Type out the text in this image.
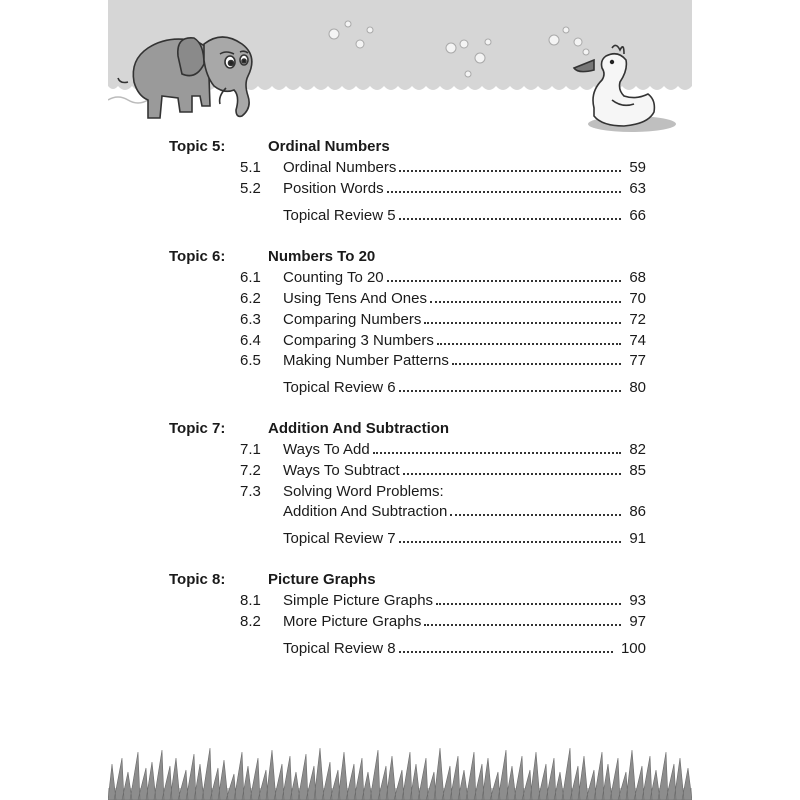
Topic 5:	Ordinal Numbers
5.1 Ordinal Numbers	59
5.2 Position Words	63
Topical Review 5	66
Topic 6:	Numbers To 20
6.1 Counting To 20	68
6.2 Using Tens And Ones	70
6.3 Comparing Numbers	72
6.4 Comparing 3 Numbers	74
6.5 Making Number Patterns	77
Topical Review 6	80
Topic 7:	Addition And Subtraction
7.1 Ways To Add	82
7.2 Ways To Subtract	85
7.3 Solving Word Problems:
Addition And Subtraction	86
Topical Review 7	91
Topic 8:	Picture Graphs
8.1 Simple Picture Graphs	93
8.2 More Picture Graphs	97
Topical Review 8	100
